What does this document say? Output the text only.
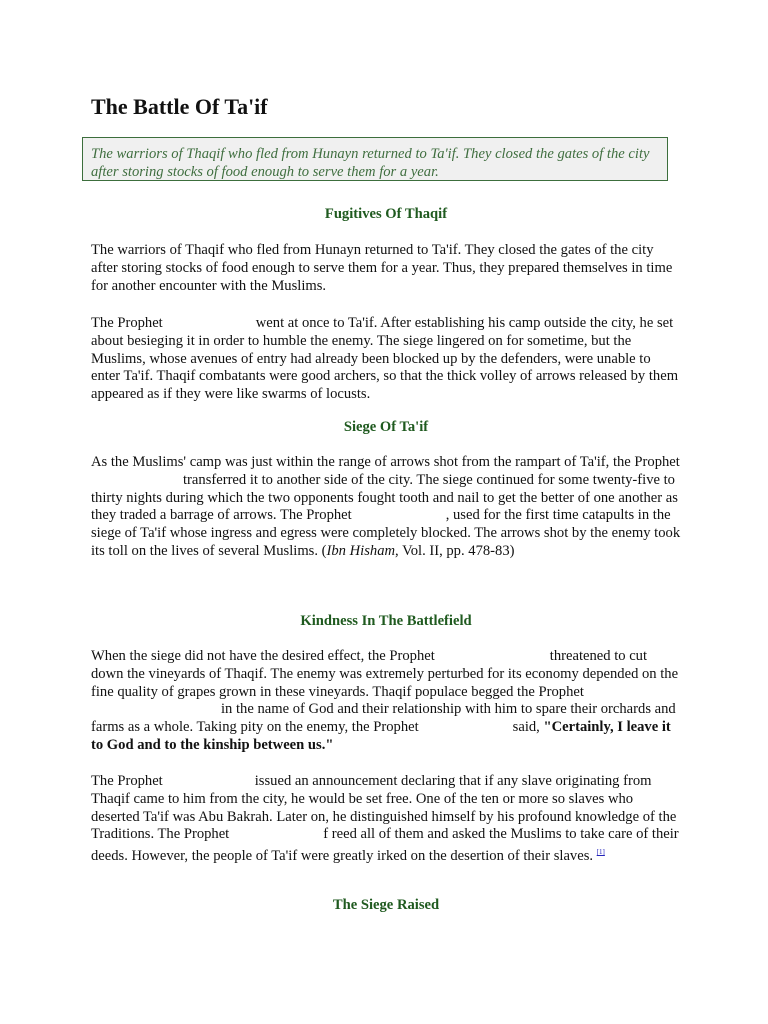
The Battle Of Ta'if
The warriors of Thaqif who fled from Hunayn returned to Ta'if. They closed the gates of the city after storing stocks of food enough to serve them for a year.
Fugitives Of Thaqif

The warriors of Thaqif who fled from Hunayn returned to Ta'if. They closed the gates of the city after storing stocks of food enough to serve them for a year. Thus, they prepared themselves in time for another encounter with the Muslims.

The Prophet	went at once to Ta'if. After establishing his camp outside the city, he set about besieging it in order to humble the enemy. The siege lingered on for sometime, but the Muslims, whose avenues of entry had already been blocked up by the defenders, were unable to enter Ta'if. Thaqif combatants were good archers, so that the thick volley of arrows released by them appeared as if they were like swarms of locusts.

Siege Of Ta'if

As the Muslims' camp was just within the range of arrows shot from the rampart of Ta'if, the Prophettransferred it to another side of the city. The siege continued for some twenty-five to thirty nights during which the two opponents fought tooth and nail to get the better of one another as they traded a barrage of arrows. The Prophet	, used for the first time catapults in the siege of Ta'if whose ingress and egress were completely blocked. The arrows shot by the enemy took its toll on the lives of several Muslims. (Ibn Hisham, Vol. II, pp. 478-83)

Kindness In The Battlefield

When the siege did not have the desired effect, the Prophet	threatened to cut down the vineyards of Thaqif. The enemy was extremely perturbed for its economy depended on the fine quality of grapes grown in these vineyards. Thaqif populace begged the Prophetin the name of God and their relationship with him to spare their orchards and farms as a whole. Taking pity on the enemy, the Prophet	said, "Certainly, I leave it to God and to the kinship between us."

The Prophet	issued an announcement declaring that if any slave originating from Thaqif came to him from the city, he would be set free. One of the ten or more so slaves who deserted Ta'if was Abu Bakrah. Later on, he distinguished himself by his profound knowledge of the Traditions. The Prophet	f reed all of them and asked the Muslims to take care of their deeds. However, the people of Ta'if were greatly irked on the desertion of their slaves. [1]

The Siege Raised
